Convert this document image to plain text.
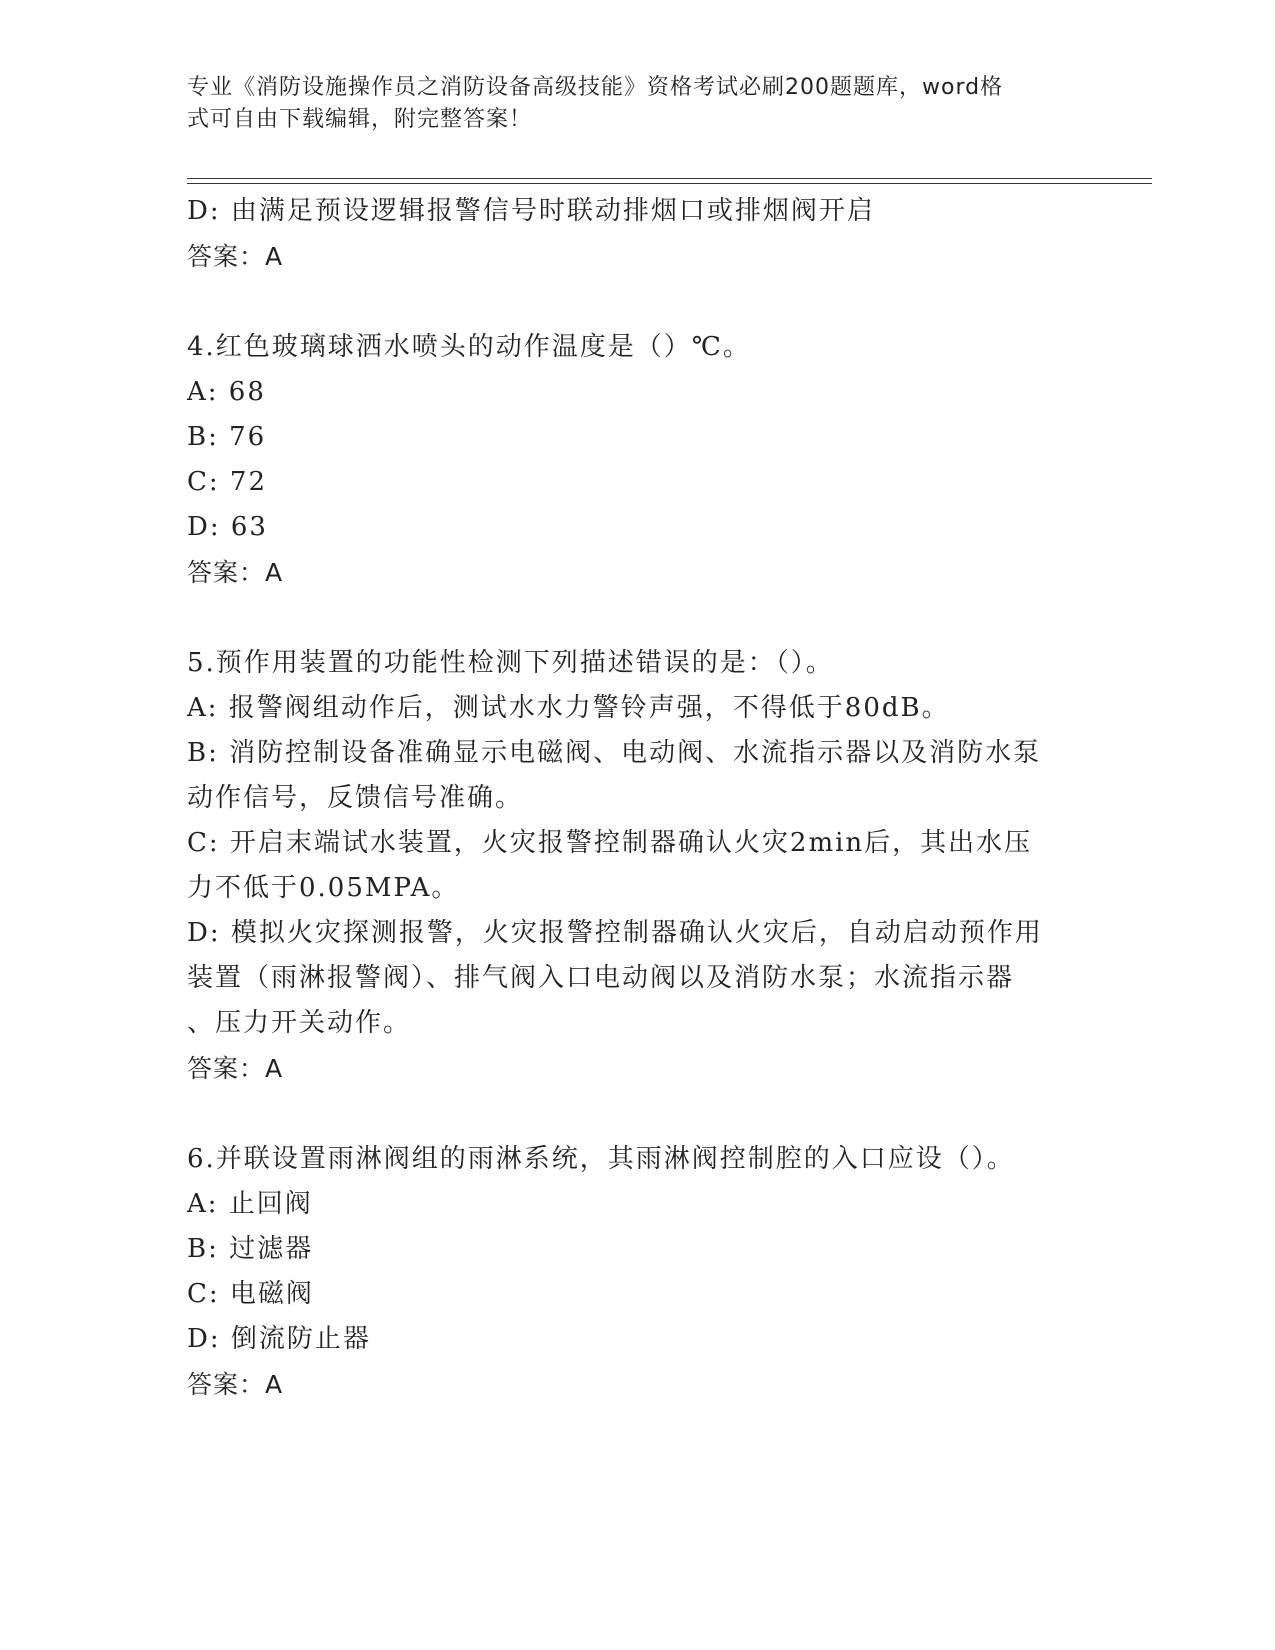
专业《消防设施操作员之消防设备高级技能》资格考试必刷200题题库，word格
式可自由下载编辑，附完整答案！
D: 由满足预设逻辑报警信号时联动排烟口或排烟阀开启
答案：A
4.红色玻璃球洒水喷头的动作温度是（）℃。
A: 68
B: 76
C: 72
D: 63
答案：A
5.预作用装置的功能性检测下列描述错误的是：（）。
A: 报警阀组动作后，测试水水力警铃声强，不得低于80dB。
B: 消防控制设备准确显示电磁阀、电动阀、水流指示器以及消防水泵
动作信号，反馈信号准确。
C: 开启末端试水装置，火灾报警控制器确认火灾2min后，其出水压
力不低于0.05MPA。
D: 模拟火灾探测报警，火灾报警控制器确认火灾后，自动启动预作用
装置（雨淋报警阀）、排气阀入口电动阀以及消防水泵；水流指示器
、压力开关动作。
答案：A
6.并联设置雨淋阀组的雨淋系统，其雨淋阀控制腔的入口应设（）。
A: 止回阀
B: 过滤器
C: 电磁阀
D: 倒流防止器
答案：A
